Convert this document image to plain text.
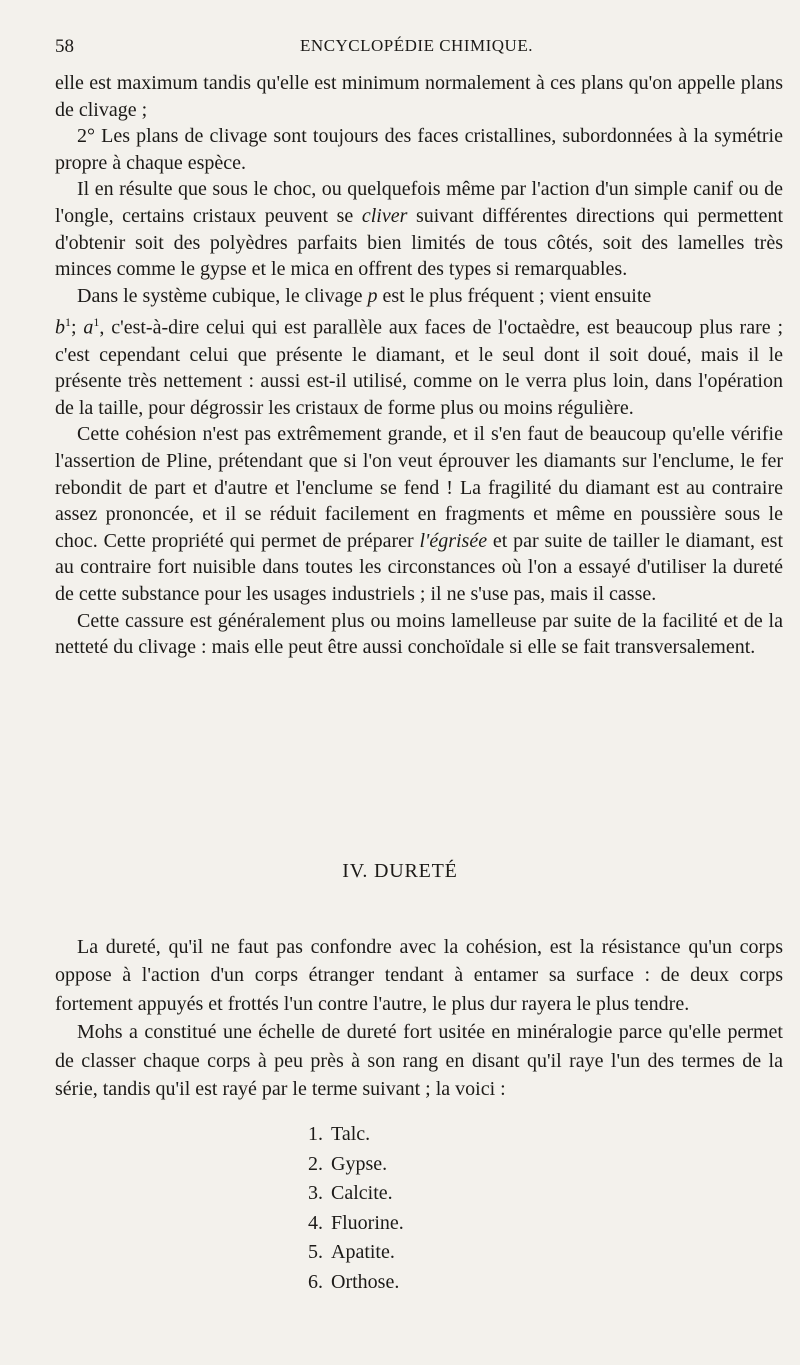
58	ENCYCLOPÉDIE CHIMIQUE.

elle est maximum tandis qu'elle est minimum normalement à ces plans qu'on appelle plans de clivage ;

2° Les plans de clivage sont toujours des faces cristallines, subordonnées à la symétrie propre à chaque espèce.

Il en résulte que sous le choc, ou quelquefois même par l'action d'un simple canif ou de l'ongle, certains cristaux peuvent se cliver suivant différentes directions qui permettent d'obtenir soit des polyèdres parfaits bien limités de tous côtés, soit des lamelles très minces comme le gypse et le mica en offrent des types si remarquables.

Dans le système cubique, le clivage p est le plus fréquent ; vient ensuite
$b^1$; $a^1$, c'est-à-dire celui qui est parallèle aux faces de l'octaèdre, est beaucoup plus rare ; c'est cependant celui que présente le diamant, et le seul dont il soit doué, mais il le présente très nettement : aussi est-il utilisé, comme on le verra plus loin, dans l'opération de la taille, pour dégrossir les cristaux de forme plus ou moins régulière.

Cette cohésion n'est pas extrêmement grande, et il s'en faut de beaucoup qu'elle vérifie l'assertion de Pline, prétendant que si l'on veut éprouver les diamants sur l'enclume, le fer rebondit de part et d'autre et l'enclume se fend ! La fragilité du diamant est au contraire assez prononcée, et il se réduit facilement en fragments et même en poussière sous le choc. Cette propriété qui permet de préparer l'égrisée et par suite de tailler le diamant, est au contraire fort nuisible dans toutes les circonstances où l'on a essayé d'utiliser la dureté de cette substance pour les usages industriels ; il ne s'use pas, mais il casse.

Cette cassure est généralement plus ou moins lamelleuse par suite de la facilité et de la netteté du clivage : mais elle peut être aussi conchoïdale si elle se fait transversalement.

IV. DURETÉ

La dureté, qu'il ne faut pas confondre avec la cohésion, est la résistance qu'un corps oppose à l'action d'un corps étranger tendant à entamer sa surface : de deux corps fortement appuyés et frottés l'un contre l'autre, le plus dur rayera le plus tendre.

Mohs a constitué une échelle de dureté fort usitée en minéralogie parce qu'elle permet de classer chaque corps à peu près à son rang en disant qu'il raye l'un des termes de la série, tandis qu'il est rayé par le terme suivant ; la voici :

1. Talc.
2. Gypse.
3. Calcite.
4. Fluorine.
5. Apatite.
6. Orthose.
